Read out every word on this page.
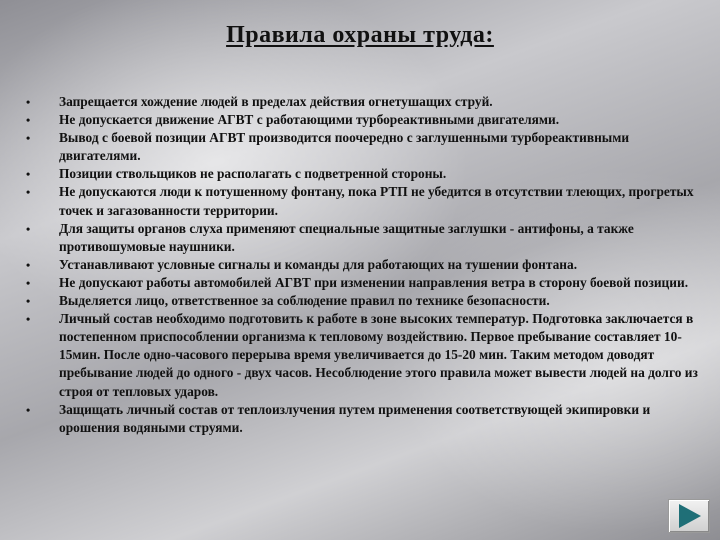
Правила охраны труда:
• Запрещается хождение людей в пределах действия огнетушащих струй.
• Не допускается движение АГВТ с работающими турбореактивными двигателями.
• Вывод с боевой позиции АГВТ производится поочередно с заглушенными турбореактивными двигателями.
• Позиции ствольщиков не располагать с подветренной стороны.
• Не допускаются люди к потушенному фонтану, пока РТП не убедится в отсутствии тлеющих, прогретых точек и загазованности территории.
• Для защиты органов слуха применяют специальные защитные заглушки - антифоны, а также противошумовые наушники.
• Устанавливают условные сигналы и команды для работающих на тушении фонтана.
• Не допускают работы автомобилей АГВТ при изменении направления ветра в сторону боевой позиции.
• Выделяется лицо, ответственное за соблюдение правил по технике безопасности.
• Личный состав необходимо подготовить к работе в зоне высоких температур. Подготовка заключается в постепенном приспособлении организма к тепловому воздействию. Первое пребывание составляет 10-15мин. После одно-часового перерыва время увеличивается до 15-20 мин. Таким методом доводят пребывание людей до одного - двух часов. Несоблюдение этого правила может вывести людей на долго из строя от тепловых ударов.
• Защищать личный состав от теплоизлучения путем применения соответствующей экипировки и орошения водяными струями.
